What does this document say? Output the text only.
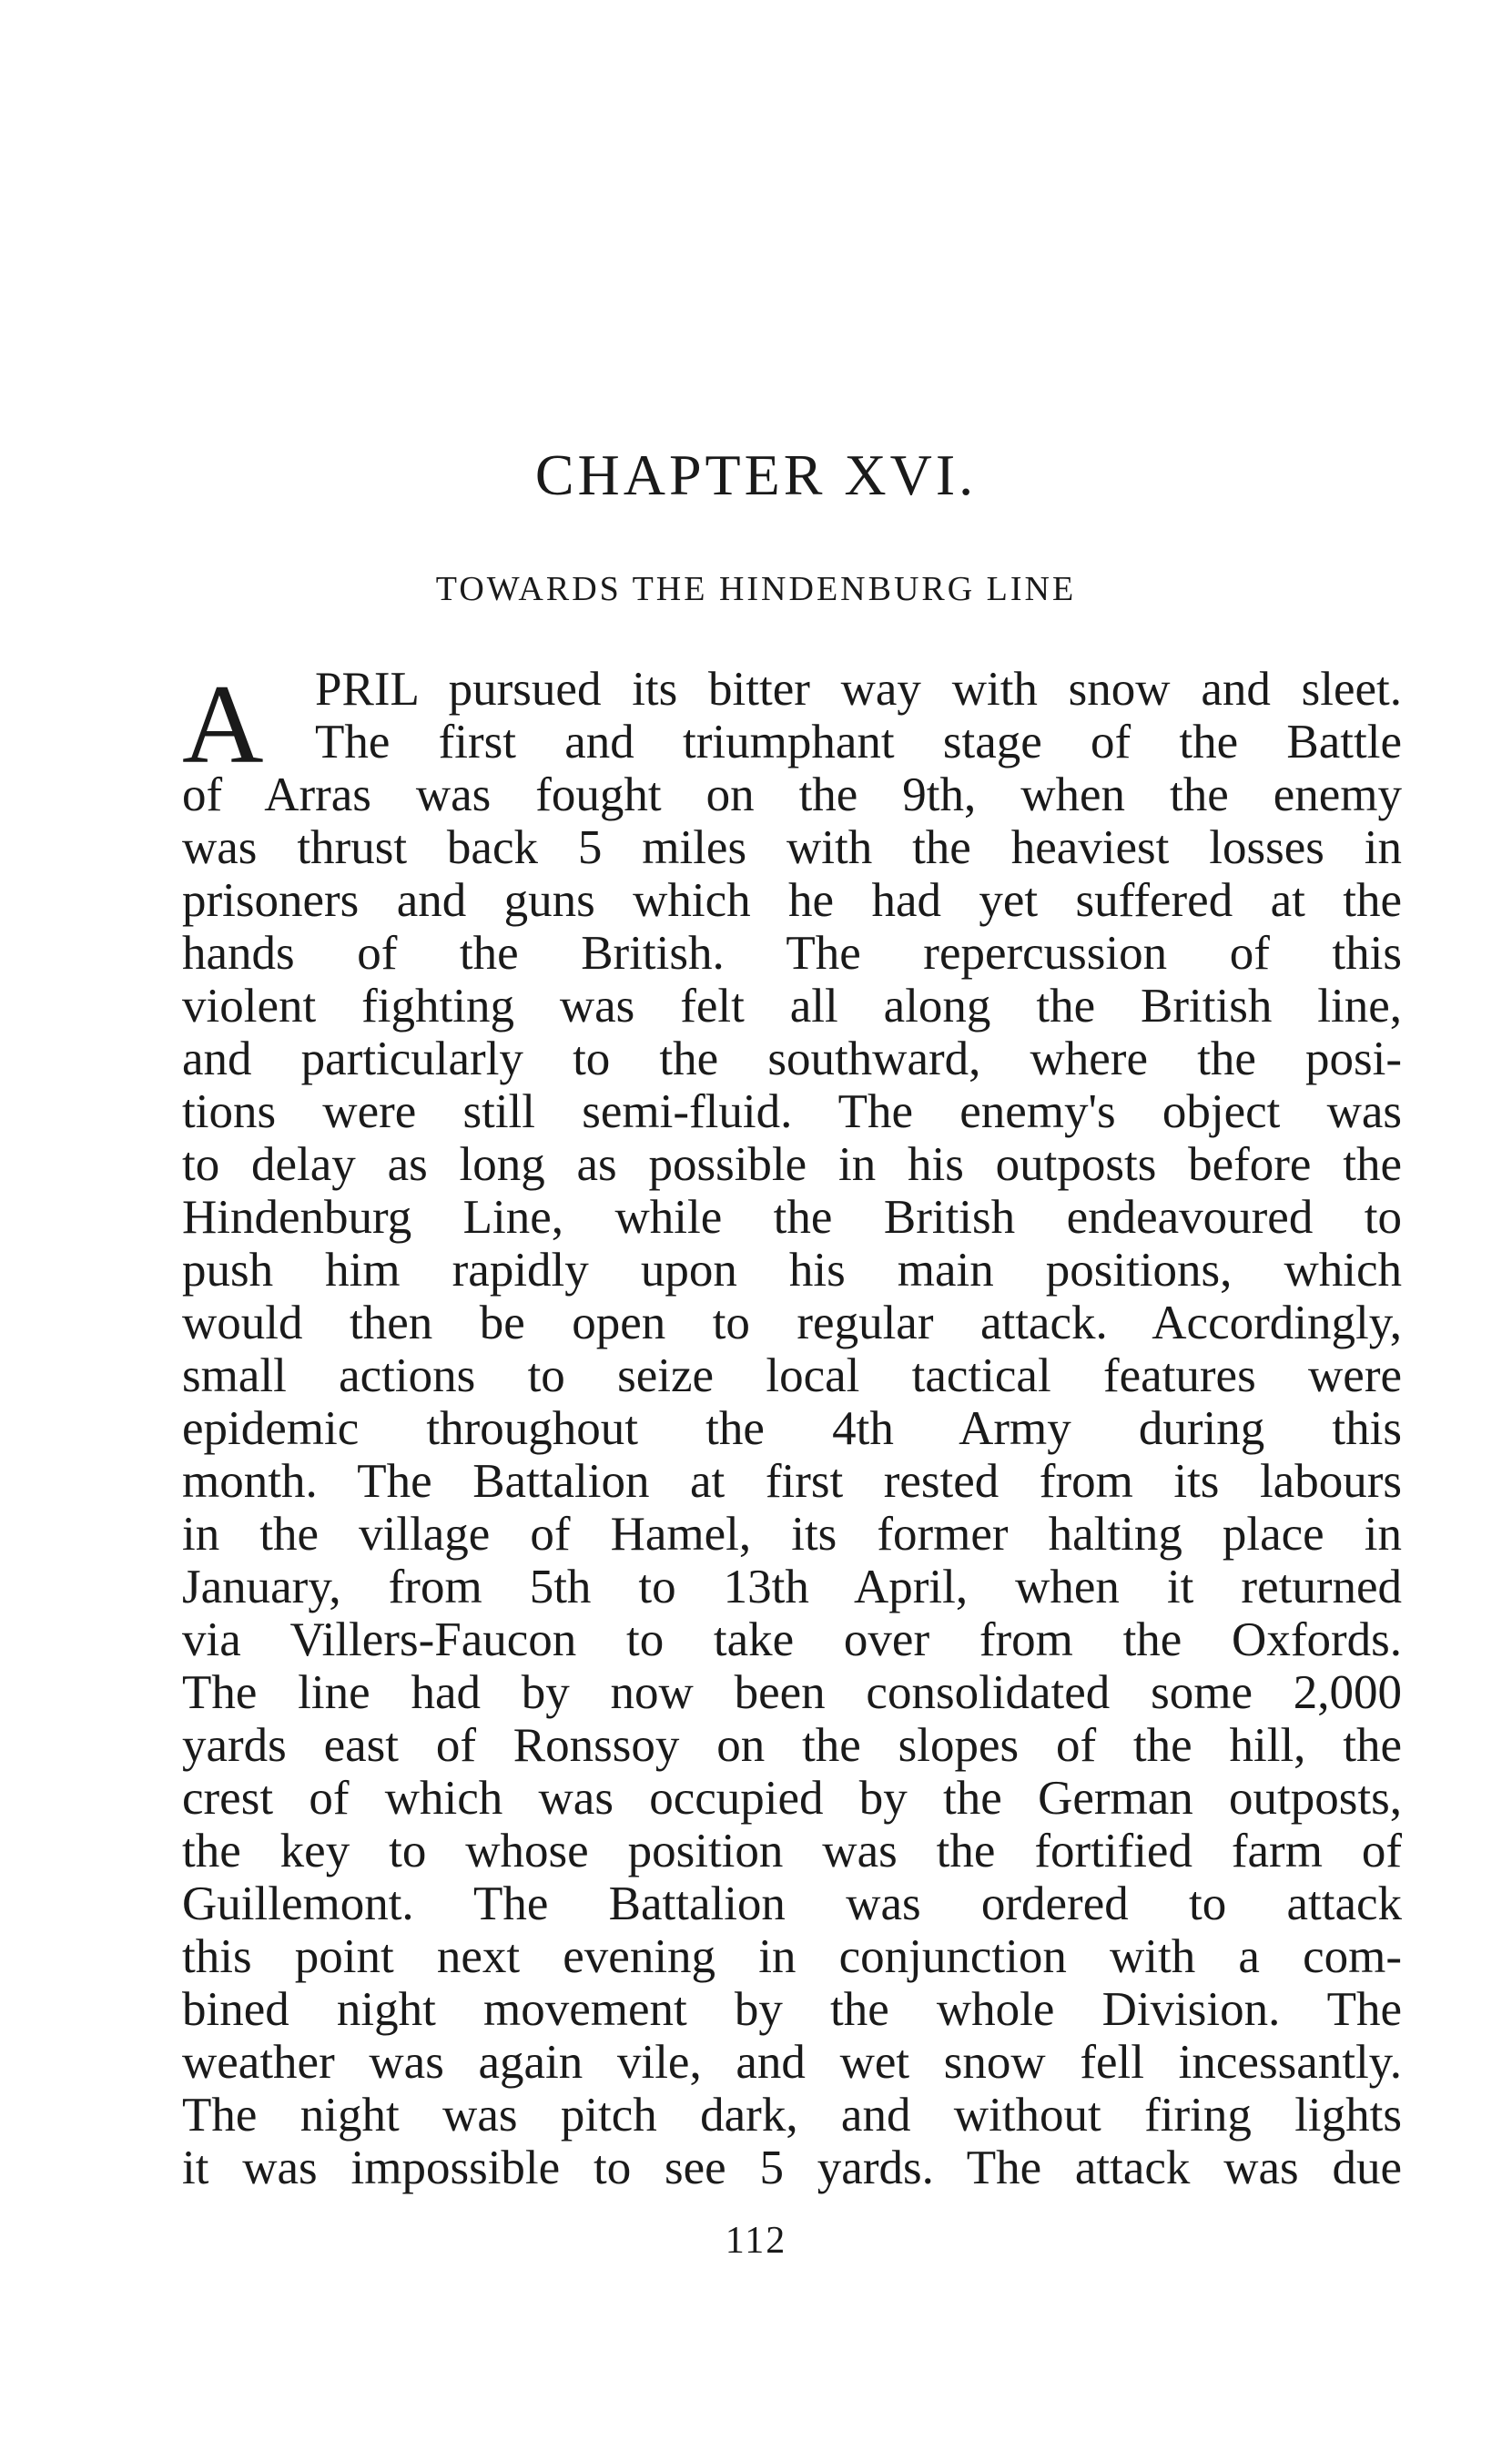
CHAPTER XVI.
TOWARDS THE HINDENBURG LINE
A PRIL pursued its bitter way with snow and sleet.
The first and triumphant stage of the Battle
of Arras was fought on the 9th, when the enemy
was thrust back 5 miles with the heaviest losses in
prisoners and guns which he had yet suffered at the
hands of the British. The repercussion of this
violent fighting was felt all along the British line,
and particularly to the southward, where the posi-
tions were still semi-fluid. The enemy's object was
to delay as long as possible in his outposts before the
Hindenburg Line, while the British endeavoured to
push him rapidly upon his main positions, which
would then be open to regular attack. Accordingly,
small actions to seize local tactical features were
epidemic throughout the 4th Army during this
month. The Battalion at first rested from its labours
in the village of Hamel, its former halting place in
January, from 5th to 13th April, when it returned
via Villers-Faucon to take over from the Oxfords.
The line had by now been consolidated some 2,000
yards east of Ronssoy on the slopes of the hill, the
crest of which was occupied by the German outposts,
the key to whose position was the fortified farm of
Guillemont. The Battalion was ordered to attack
this point next evening in conjunction with a com-
bined night movement by the whole Division. The
weather was again vile, and wet snow fell incessantly.
The night was pitch dark, and without firing lights
it was impossible to see 5 yards. The attack was due
112
